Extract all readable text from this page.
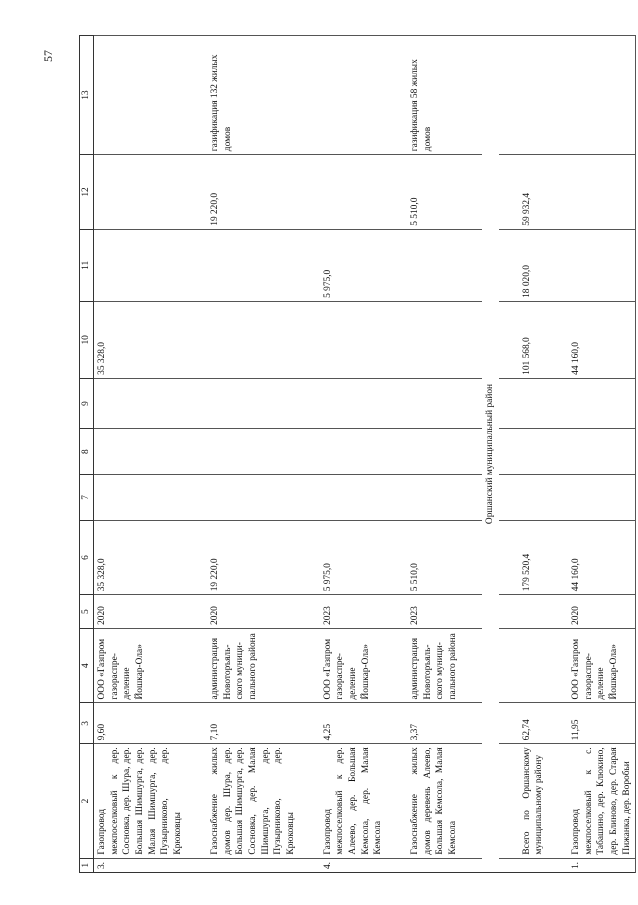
57
1	2	3	4	5	6	7	8	9	10	11	12	13
3.	Газопровод межпоселковый к дер. Сосновка, дер. Шура, дер. Большая Шимшурга, дер. Малая Шимшурга, дер. Пузырниково, дер. Крюковцы	9,60	ООО «Газпром газораспре-деление Йошкар-Ола»	2020	35 328,0				35 328,0			

	Газоснабжение жилых домов дер. Шура, дер. Большая Шимшурга, дер. Сосновка, дер. Малая Шимшурга, дер. Пузырниково, дер. Крюковцы	7,10	администрация Новоторъяль-ского муници-пального района	2020	19 220,0						19 220,0	газификация 132 жилых домов

4.	Газопровод межпоселковый к дер. Алеево, дер. Большая Кемсола, дер. Малая Кемсола	4,25	ООО «Газпром газораспре-деление Йошкар-Ола»	2023	5 975,0					5 975,0		

	Газоснабжение жилых домов деревень Алеево, Большая Кемсола, Малая Кемсола	3,37	администрация Новоторъяль-ского муници-пального района	2023	5 510,0						5 510,0	газификация 58 жилых домов

Оршанский муниципальный район												

	Всего по Оршанскому муниципальному району	62,74			179 520,4				101 568,0	18 020,0	59 932,4	

1.	Газопровод межпоселковый к с. Табашино, дер. Клюкино, дер. Блиново, дер. Старая Пижанка, дер. Воробьи	11,95	ООО «Газпром газораспре-деление Йошкар-Ола»	2020	44 160,0				44 160,0			
